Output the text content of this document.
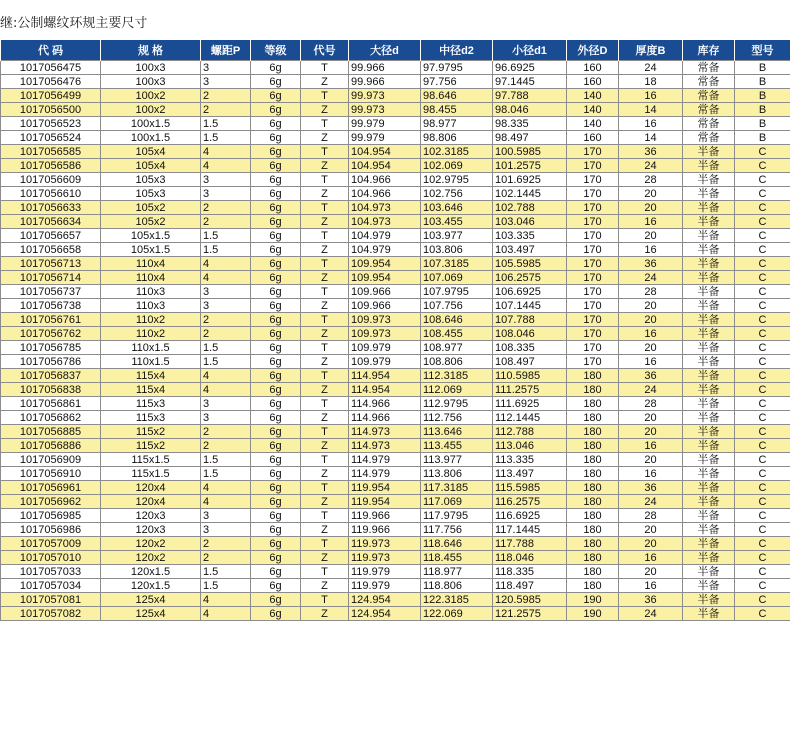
继:公制螺纹环规主要尺寸
代 码	规 格	螺距P	等级	代号	大径d	中径d2	小径d1	外径D	厚度B	库存	型号
1017056475	100x3	3	6g	T	99.966	97.9795	96.6925	160	24	常备	B
1017056476	100x3	3	6g	Z	99.966	97.756	97.1445	160	18	常备	B
1017056499	100x2	2	6g	T	99.973	98.646	97.788	140	16	常备	B
1017056500	100x2	2	6g	Z	99.973	98.455	98.046	140	14	常备	B
1017056523	100x1.5	1.5	6g	T	99.979	98.977	98.335	140	16	常备	B
1017056524	100x1.5	1.5	6g	Z	99.979	98.806	98.497	160	14	常备	B
1017056585	105x4	4	6g	T	104.954	102.3185	100.5985	170	36	半备	C
1017056586	105x4	4	6g	Z	104.954	102.069	101.2575	170	24	半备	C
1017056609	105x3	3	6g	T	104.966	102.9795	101.6925	170	28	半备	C
1017056610	105x3	3	6g	Z	104.966	102.756	102.1445	170	20	半备	C
1017056633	105x2	2	6g	T	104.973	103.646	102.788	170	20	半备	C
1017056634	105x2	2	6g	Z	104.973	103.455	103.046	170	16	半备	C
1017056657	105x1.5	1.5	6g	T	104.979	103.977	103.335	170	20	半备	C
1017056658	105x1.5	1.5	6g	Z	104.979	103.806	103.497	170	16	半备	C
1017056713	110x4	4	6g	T	109.954	107.3185	105.5985	170	36	半备	C
1017056714	110x4	4	6g	Z	109.954	107.069	106.2575	170	24	半备	C
1017056737	110x3	3	6g	T	109.966	107.9795	106.6925	170	28	半备	C
1017056738	110x3	3	6g	Z	109.966	107.756	107.1445	170	20	半备	C
1017056761	110x2	2	6g	T	109.973	108.646	107.788	170	20	半备	C
1017056762	110x2	2	6g	Z	109.973	108.455	108.046	170	16	半备	C
1017056785	110x1.5	1.5	6g	T	109.979	108.977	108.335	170	20	半备	C
1017056786	110x1.5	1.5	6g	Z	109.979	108.806	108.497	170	16	半备	C
1017056837	115x4	4	6g	T	114.954	112.3185	110.5985	180	36	半备	C
1017056838	115x4	4	6g	Z	114.954	112.069	111.2575	180	24	半备	C
1017056861	115x3	3	6g	T	114.966	112.9795	111.6925	180	28	半备	C
1017056862	115x3	3	6g	Z	114.966	112.756	112.1445	180	20	半备	C
1017056885	115x2	2	6g	T	114.973	113.646	112.788	180	20	半备	C
1017056886	115x2	2	6g	Z	114.973	113.455	113.046	180	16	半备	C
1017056909	115x1.5	1.5	6g	T	114.979	113.977	113.335	180	20	半备	C
1017056910	115x1.5	1.5	6g	Z	114.979	113.806	113.497	180	16	半备	C
1017056961	120x4	4	6g	T	119.954	117.3185	115.5985	180	36	半备	C
1017056962	120x4	4	6g	Z	119.954	117.069	116.2575	180	24	半备	C
1017056985	120x3	3	6g	T	119.966	117.9795	116.6925	180	28	半备	C
1017056986	120x3	3	6g	Z	119.966	117.756	117.1445	180	20	半备	C
1017057009	120x2	2	6g	T	119.973	118.646	117.788	180	20	半备	C
1017057010	120x2	2	6g	Z	119.973	118.455	118.046	180	16	半备	C
1017057033	120x1.5	1.5	6g	T	119.979	118.977	118.335	180	20	半备	C
1017057034	120x1.5	1.5	6g	Z	119.979	118.806	118.497	180	16	半备	C
1017057081	125x4	4	6g	T	124.954	122.3185	120.5985	190	36	半备	C
1017057082	125x4	4	6g	Z	124.954	122.069	121.2575	190	24	半备	C
